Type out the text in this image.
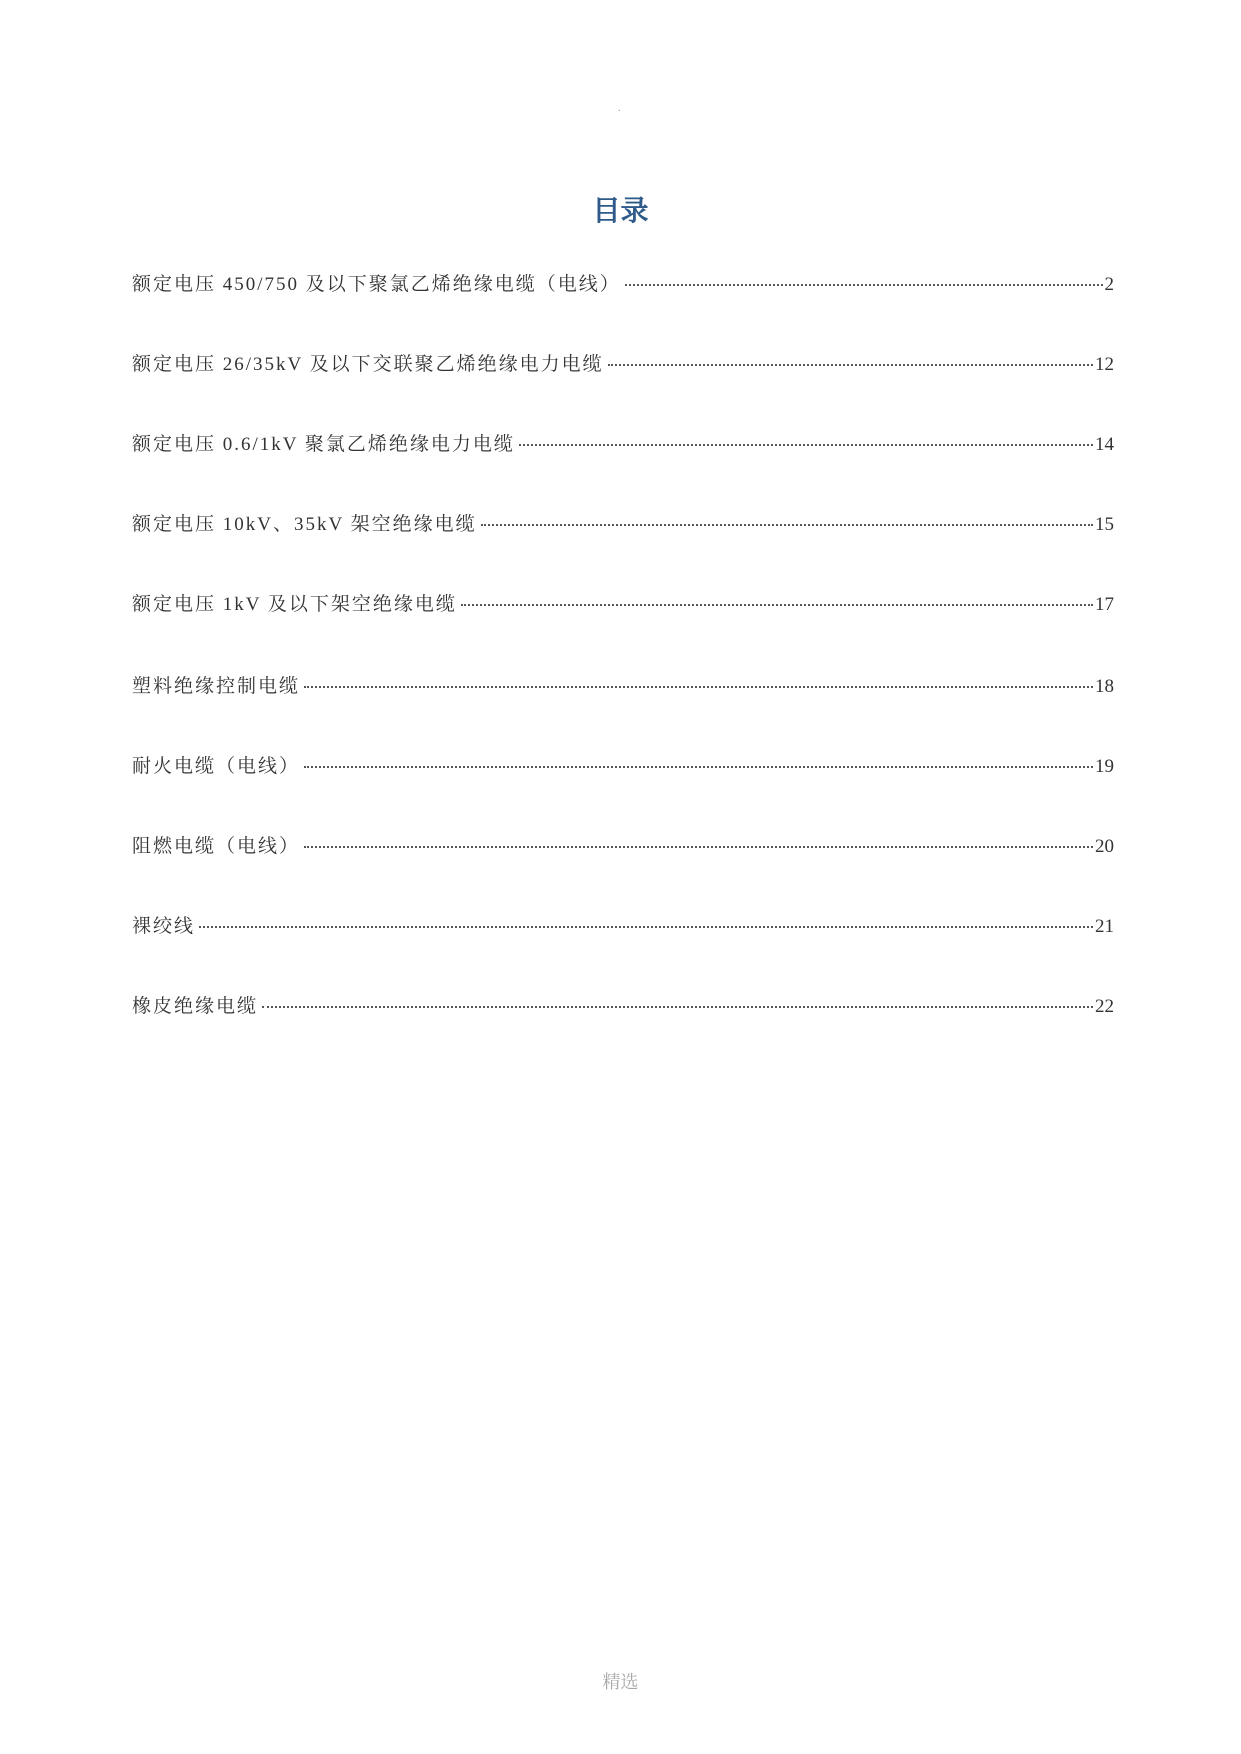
.
目录
额定电压 450/750 及以下聚氯乙烯绝缘电缆（电线）	2
额定电压 26/35kV 及以下交联聚乙烯绝缘电力电缆	12
额定电压 0.6/1kV 聚氯乙烯绝缘电力电缆	14
额定电压 10kV、35kV 架空绝缘电缆	15
额定电压 1kV 及以下架空绝缘电缆	17
塑料绝缘控制电缆	18
耐火电缆（电线）	19
阻燃电缆（电线）	20
裸绞线	21
橡皮绝缘电缆	22
精选
